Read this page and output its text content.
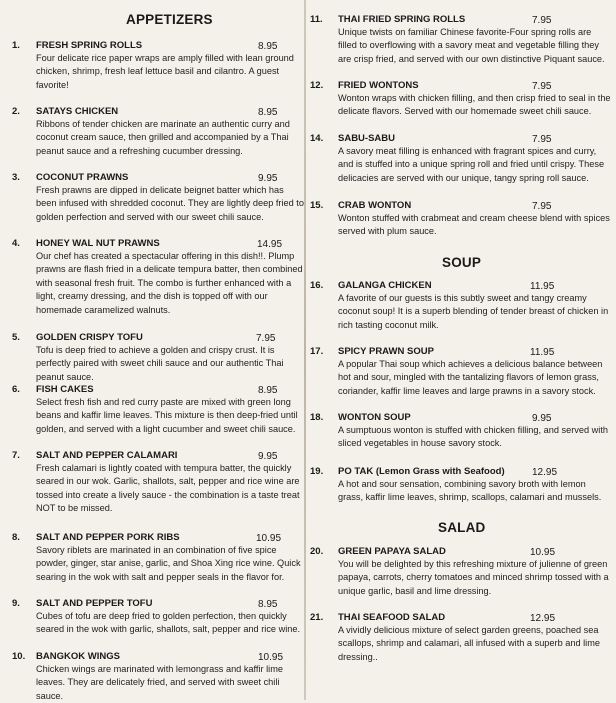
APPETIZERS
1. FRESH SPRING ROLLS	8.95
Four delicate rice paper wraps are amply filled with lean ground chicken, shrimp, fresh leaf lettuce basil and cilantro. A guest favorite!
2. SATAYS CHICKEN	8.95
Ribbons of tender chicken are marinate an authentic curry and coconut cream sauce, then grilled and accompanied by a Thai peanut sauce and a refreshing cucumber dressing.
3. COCONUT PRAWNS	9.95
Fresh prawns are dipped in delicate beignet batter which has been infused with shredded coconut. They are lightly deep fried to golden perfection and served with our sweet chili sauce.
4. HONEY WAL NUT PRAWNS	14.95
Our chef has created a spectacular offering in this dish!!. Plump prawns are flash fried in a delicate tempura batter, then combined with seasonal fresh fruit. The combo is further enhanced with a light, creamy dressing, and the dish is topped off with our homemade caramelized walnuts.
5. GOLDEN CRISPY TOFU	7.95
Tofu is deep fried to achieve a golden and crispy crust. It is perfectly paired with sweet chili sauce and our authentic Thai peanut sauce.
6. FISH CAKES	8.95
Select fresh fish and red curry paste are mixed with green long beans and kaffir lime leaves. This mixture is then deep-fried until golden, and served with a light cucumber and sweet chili sauce.
7. SALT AND PEPPER CALAMARI	9.95
Fresh calamari is lightly coated with tempura batter, the quickly seared in our wok. Garlic, shallots, salt, pepper and rice wine are tossed into create a lively sauce - the combination is a taste treat NOT to be missed.
8. SALT AND PEPPER PORK RIBS	10.95
Savory riblets are marinated in an combination of five spice powder, ginger, star anise, garlic, and Shoa Xing rice wine. Quick searing in the wok with salt and pepper seals in the flavor for.
9. SALT AND PEPPER TOFU	8.95
Cubes of tofu are deep fried to golden perfection, then quickly seared in the wok with garlic, shallots, salt, pepper and rice wine.
10. BANGKOK WINGS	10.95
Chicken wings are marinated with lemongrass and kaffir lime leaves. They are delicately fried, and served with sweet chili sauce.
11. THAI FRIED SPRING ROLLS	7.95
Unique twists on familiar Chinese favorite-Four spring rolls are filled to overflowing with a savory meat and vegetable filling they are crisp fried, and served with our own distinctive Piquant sauce.
12. FRIED WONTONS	7.95
Wonton wraps with chicken filling, and then crisp fried to seal in the delicate flavors. Served with our homemade sweet chili sauce.
14. SABU-SABU	7.95
A savory meat filling is enhanced with fragrant spices and curry, and is stuffed into a unique spring roll and fried until crispy. These delicacies are served with our unique, tangy spring roll sauce.
15. CRAB WONTON	7.95
Wonton stuffed with crabmeat and cream cheese blend with spices served with plum sauce.
SOUP
16. GALANGA CHICKEN	11.95
A favorite of our guests is this subtly sweet and tangy creamy coconut soup! It is a superb blending of tender breast of chicken in rich tasting coconut milk.
17. SPICY PRAWN SOUP	11.95
A popular Thai soup which achieves a delicious balance between hot and sour, mingled with the tantalizing flavors of lemon grass, coriander, kaffir lime leaves and large prawns in a savory stock.
18. WONTON SOUP	9.95
A sumptuous wonton is stuffed with chicken filling, and served with sliced vegetables in house savory stock.
19. PO TAK (Lemon Grass with Seafood)	12.95
A hot and sour sensation, combining savory broth with lemon grass, kaffir lime leaves, shrimp, scallops, calamari and mussels.
SALAD
20. GREEN PAPAYA SALAD	10.95
You will be delighted by this refreshing mixture of julienne of green papaya, carrots, cherry tomatoes and minced shrimp tossed with a unique garlic, basil and lime dressing.
21. THAI SEAFOOD SALAD	12.95
A vividly delicious mixture of select garden greens, poached sea scallops, shrimp and calamari, all infused with a superb and lime dressing..
